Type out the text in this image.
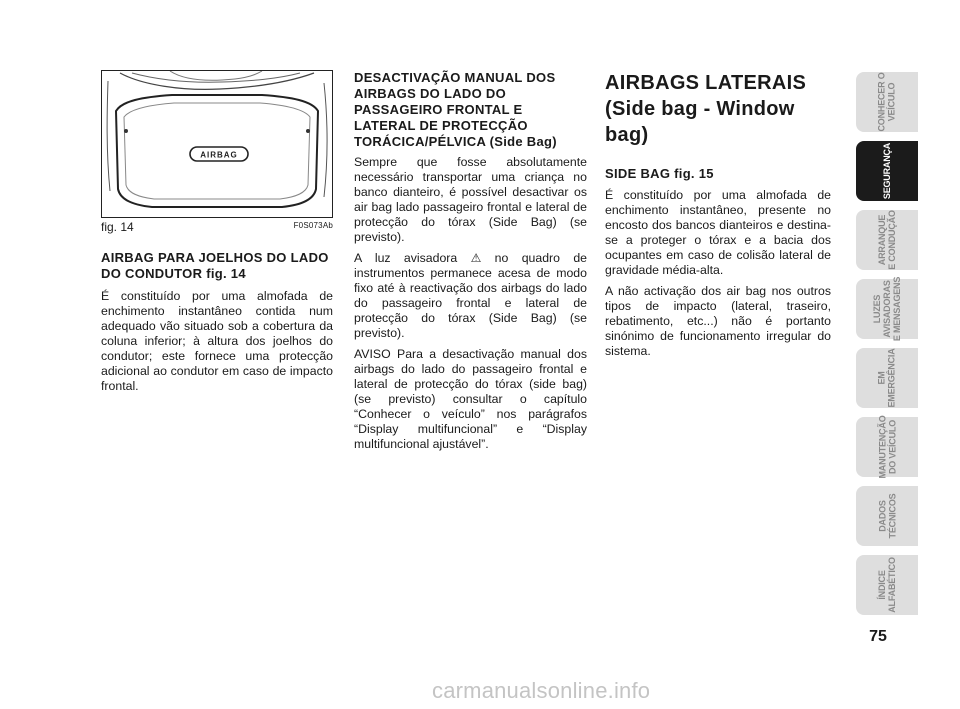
AIRBAG
fig. 14	F0S073Ab
AIRBAG PARA JOELHOS DO LADO DO CONDUTOR fig. 14

É constituído por uma almofada de enchimento instantâneo contida num adequado vão situado sob a cobertura da coluna inferior; à altura dos joelhos do condutor; este fornece uma protecção adicional ao condutor em caso de impacto frontal.

DESACTIVAÇÃO MANUAL DOS AIRBAGS DO LADO DO PASSAGEIRO FRONTAL E LATERAL DE PROTECÇÃO TORÁCICA/PÉLVICA (Side Bag)

Sempre que fosse absolutamente necessário transportar uma criança no banco dianteiro, é possível desactivar os air bag lado passageiro frontal e lateral de protecção do tórax (Side Bag) (se previsto).

A luz avisadora ⚠ no quadro de instrumentos permanece acesa de modo fixo até à reactivação dos airbags do lado do passageiro frontal e lateral de protecção do tórax (Side Bag) (se previsto).

AVISO Para a desactivação manual dos airbags do lado do passageiro frontal e lateral de protecção do tórax (side bag) (se previsto) consultar o capítulo “Conhecer o veículo” nos parágrafos “Display multifuncional” e “Display multifuncional ajustável”.

AIRBAGS LATERAIS (Side bag - Window bag)
SIDE BAG fig. 15

É constituído por uma almofada de enchimento instantâneo, presente no encosto dos bancos dianteiros e destina-se a proteger o tórax e a bacia dos ocupantes em caso de colisão lateral de gravidade média-alta.

A não activação dos air bag nos outros tipos de impacto (lateral, traseiro, rebatimento, etc...) não é portanto sinónimo de funcionamento irregular do sistema.

CONHECER O
VEÍCULO
SEGURANÇA
ARRANQUE
E CONDUÇÃO
LUZES
AVISADORAS
E MENSAGENS
EM
EMERGÊNCIA
MANUTENÇÃO
DO VEÍCULO
DADOS
TÉCNICOS
ÍNDICE
ALFABÉTICO
75
carmanualsonline.info
